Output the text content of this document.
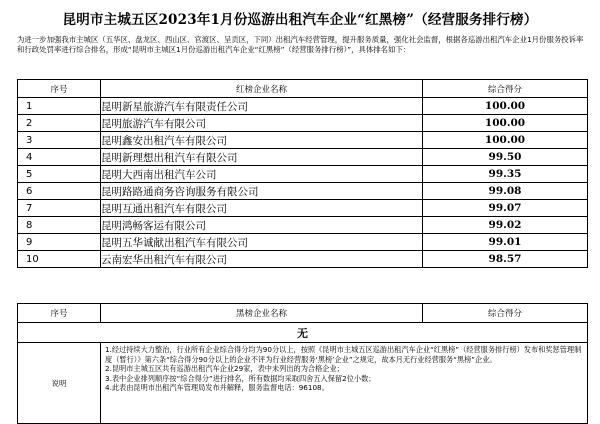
昆明市主城五区2023年1月份巡游出租汽车企业“红黑榜”（经营服务排行榜）
为进一步加强我市主城区（五华区、盘龙区、西山区、官渡区、呈贡区，下同）出租汽车经营管理，提升服务质量，强化社会监督，根据各巡游出租汽车企业1月份服务投诉率和行政处罚率进行综合排名，形成“昆明市主城区1月份巡游出租汽车企业“红黑榜”（经营服务排行榜）”，具体排名如下：
序号	红榜企业名称	综合得分
1	昆明新星旅游汽车有限责任公司	100.00
2	昆明旅游汽车有限公司	100.00
3	昆明鑫安出租汽车有限公司	100.00
4	昆明新理想出租汽车有限公司	99.50
5	昆明大西南出租汽车公司	99.35
6	昆明路路通商务咨询服务有限公司	99.08
7	昆明互通出租汽车有限公司	99.07
8	昆明鸿畅客运有限公司	99.02
9	昆明五华诚献出租汽车有限公司	99.01
10	云南宏华出租汽车有限公司	98.57
序号	黑榜企业名称	综合得分
无		
说明	1.经过持续大力整治，行业所有企业综合得分均为90分以上，按照《昆明市主城五区巡游出租汽车企业“红黑榜”（经营服务排行榜）发布和奖惩管理制度（暂行）》第六条“综合得分90分以上的企业不评为行业经营服务‘黑榜’企业”之规定，故本月无行业经营服务“黑榜”企业。
2.昆明市主城五区共有巡游出租汽车企业29家，表中未列出的为合格企业；
3.表中企业排列顺序按“综合得分”进行排名，所有数据均采取四舍五入保留2位小数；
4.此表由昆明市出租汽车管理局发布并解释，服务监督电话：96108。	
